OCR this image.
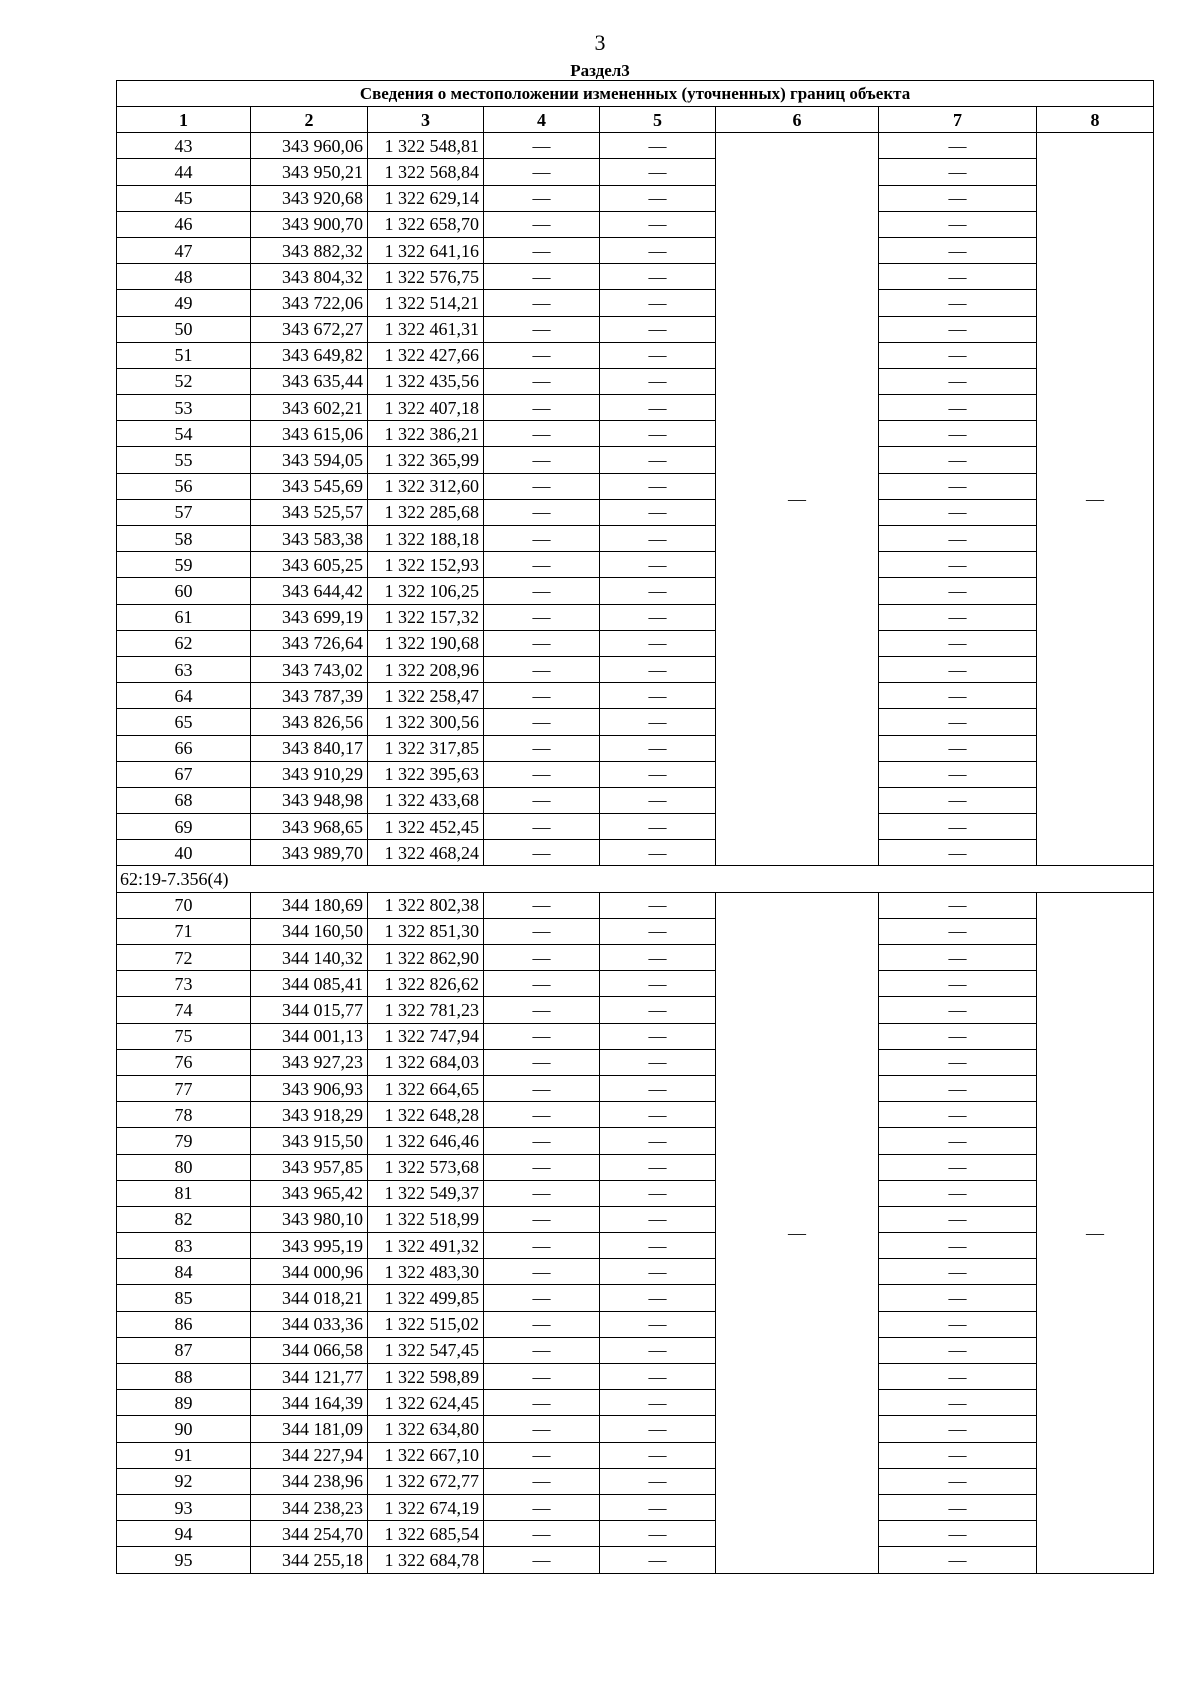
3
Раздел3
Сведения о местоположении измененных (уточненных) границ объекта							
1	2	3	4	5	6	7	8
43	343 960,06	1 322 548,81	—	—	—	—	—
44	343 950,21	1 322 568,84	—	—		—	
45	343 920,68	1 322 629,14	—	—		—	
46	343 900,70	1 322 658,70	—	—		—	
47	343 882,32	1 322 641,16	—	—		—	
48	343 804,32	1 322 576,75	—	—		—	
49	343 722,06	1 322 514,21	—	—		—	
50	343 672,27	1 322 461,31	—	—		—	
51	343 649,82	1 322 427,66	—	—		—	
52	343 635,44	1 322 435,56	—	—		—	
53	343 602,21	1 322 407,18	—	—		—	
54	343 615,06	1 322 386,21	—	—		—	
55	343 594,05	1 322 365,99	—	—		—	
56	343 545,69	1 322 312,60	—	—		—	
57	343 525,57	1 322 285,68	—	—		—	
58	343 583,38	1 322 188,18	—	—		—	
59	343 605,25	1 322 152,93	—	—		—	
60	343 644,42	1 322 106,25	—	—		—	
61	343 699,19	1 322 157,32	—	—		—	
62	343 726,64	1 322 190,68	—	—		—	
63	343 743,02	1 322 208,96	—	—		—	
64	343 787,39	1 322 258,47	—	—		—	
65	343 826,56	1 322 300,56	—	—		—	
66	343 840,17	1 322 317,85	—	—		—	
67	343 910,29	1 322 395,63	—	—		—	
68	343 948,98	1 322 433,68	—	—		—	
69	343 968,65	1 322 452,45	—	—		—	
40	343 989,70	1 322 468,24	—	—		—	
62:19-7.356(4)							
70	344 180,69	1 322 802,38	—	—	—	—	—
71	344 160,50	1 322 851,30	—	—		—	
72	344 140,32	1 322 862,90	—	—		—	
73	344 085,41	1 322 826,62	—	—		—	
74	344 015,77	1 322 781,23	—	—		—	
75	344 001,13	1 322 747,94	—	—		—	
76	343 927,23	1 322 684,03	—	—		—	
77	343 906,93	1 322 664,65	—	—		—	
78	343 918,29	1 322 648,28	—	—		—	
79	343 915,50	1 322 646,46	—	—		—	
80	343 957,85	1 322 573,68	—	—		—	
81	343 965,42	1 322 549,37	—	—		—	
82	343 980,10	1 322 518,99	—	—		—	
83	343 995,19	1 322 491,32	—	—		—	
84	344 000,96	1 322 483,30	—	—		—	
85	344 018,21	1 322 499,85	—	—		—	
86	344 033,36	1 322 515,02	—	—		—	
87	344 066,58	1 322 547,45	—	—		—	
88	344 121,77	1 322 598,89	—	—		—	
89	344 164,39	1 322 624,45	—	—		—	
90	344 181,09	1 322 634,80	—	—		—	
91	344 227,94	1 322 667,10	—	—		—	
92	344 238,96	1 322 672,77	—	—		—	
93	344 238,23	1 322 674,19	—	—		—	
94	344 254,70	1 322 685,54	—	—		—	
95	344 255,18	1 322 684,78	—	—		—	
